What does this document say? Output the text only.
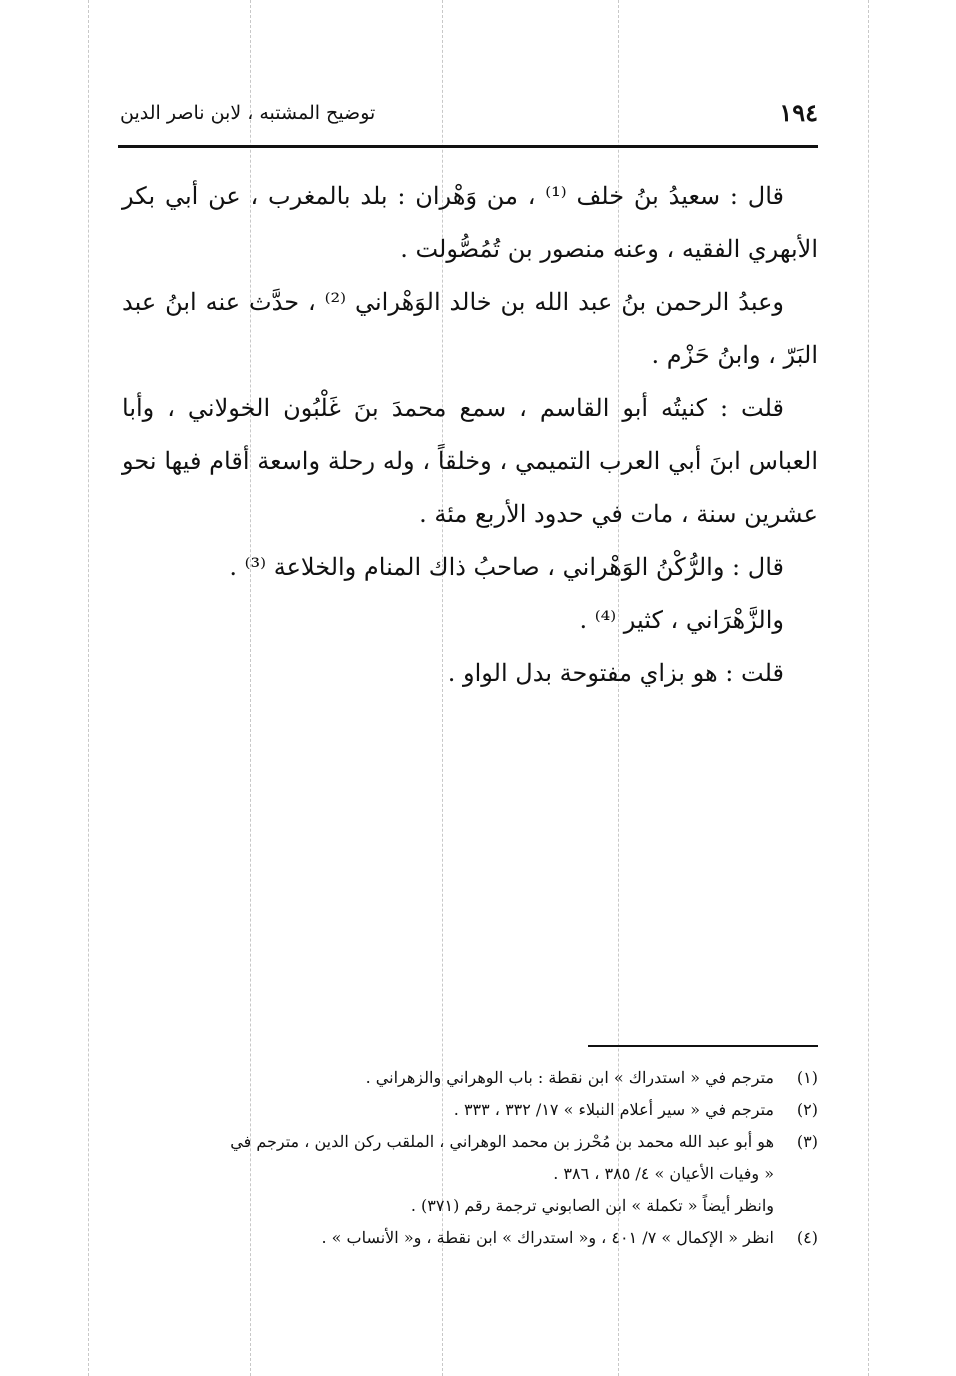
١٩٤
توضيح المشتبه ، لابن ناصر الدين

قال : سعيدُ بنُ خلف ⁽¹⁾ ، من وَهْران : بلد بالمغرب ، عن أبي بكر الأبهري الفقيه ، وعنه منصور بن تُمُصُّولت .

وعبدُ الرحمن بنُ عبد الله بن خالد الوَهْراني ⁽²⁾ ، حدَّث عنه ابنُ عبد البَرّ ، وابنُ حَزْم .

قلت : كنيتُه أبو القاسم ، سمع محمدَ بنَ غَلْبُون الخولاني ، وأبا العباس ابنَ أبي العرب التميمي ، وخلقاً ، وله رحلة واسعة أقام فيها نحو عشرين سنة ، مات في حدود الأربع مئة .

قال : والرُّكْنُ الوَهْراني ، صاحبُ ذاك المنام والخلاعة ⁽³⁾ .

والزَّهْرَاني ، كثير ⁽⁴⁾ .

قلت : هو بزاي مفتوحة بدل الواو .

(١)
مترجم في « استدراك » ابن نقطة : باب الوهراني والزهراني .
(٢)
مترجم في « سير أعلام النبلاء » ١٧/ ٣٣٢ ، ٣٣٣ .
(٣)
هو أبو عبد الله محمد بن مُحْرز بن محمد الوهراني ، الملقب ركن الدين ، مترجم في
« وفيات الأعيان » ٤/ ٣٨٥ ، ٣٨٦ .
وانظر أيضاً « تكملة » ابن الصابوني ترجمة رقم (٣٧١) .
(٤)
انظر « الإكمال » ٧/ ٤٠١ ، و« استدراك » ابن نقطة ، و« الأنساب » .
